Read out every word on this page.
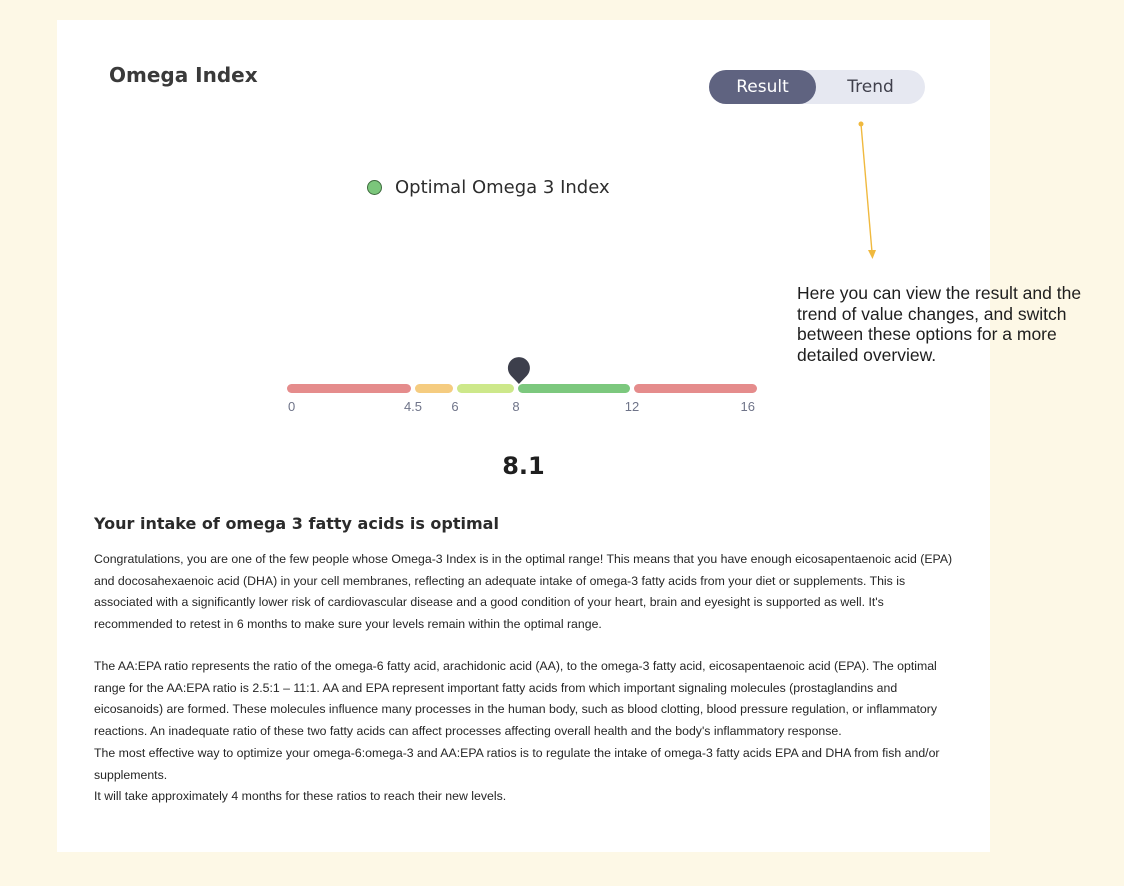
Omega Index	Result	Trend
Optimal Omega 3 Index
0	4.5 6	8	12	16
8.1
Your intake of omega 3 fatty acids is optimal

Congratulations, you are one of the few people whose Omega-3 Index is in the optimal range! This means that you have enough eicosapentaenoic acid (EPA) and docosahexaenoic acid (DHA) in your cell membranes, reflecting an adequate intake of omega-3 fatty acids from your diet or supplements. This is associated with a significantly lower risk of cardiovascular disease and a good condition of your heart, brain and eyesight is supported as well. It's recommended to retest in 6 months to make sure your levels remain within the optimal range.

The AA:EPA ratio represents the ratio of the omega-6 fatty acid, arachidonic acid (AA), to the omega-3 fatty acid, eicosapentaenoic acid (EPA). The optimal range for the AA:EPA ratio is 2.5:1 – 11:1. AA and EPA represent important fatty acids from which important signaling molecules (prostaglandins and eicosanoids) are formed. These molecules influence many processes in the human body, such as blood clotting, blood pressure regulation, or inflammatory reactions. An inadequate ratio of these two fatty acids can affect processes affecting overall health and the body's inflammatory response.

The most effective way to optimize your omega-6:omega-3 and AA:EPA ratios is to regulate the intake of omega-3 fatty acids EPA and DHA from fish and/or supplements.

It will take approximately 4 months for these ratios to reach their new levels.

Here you can view the result and the trend of value changes, and switch between these options for a more detailed overview.
